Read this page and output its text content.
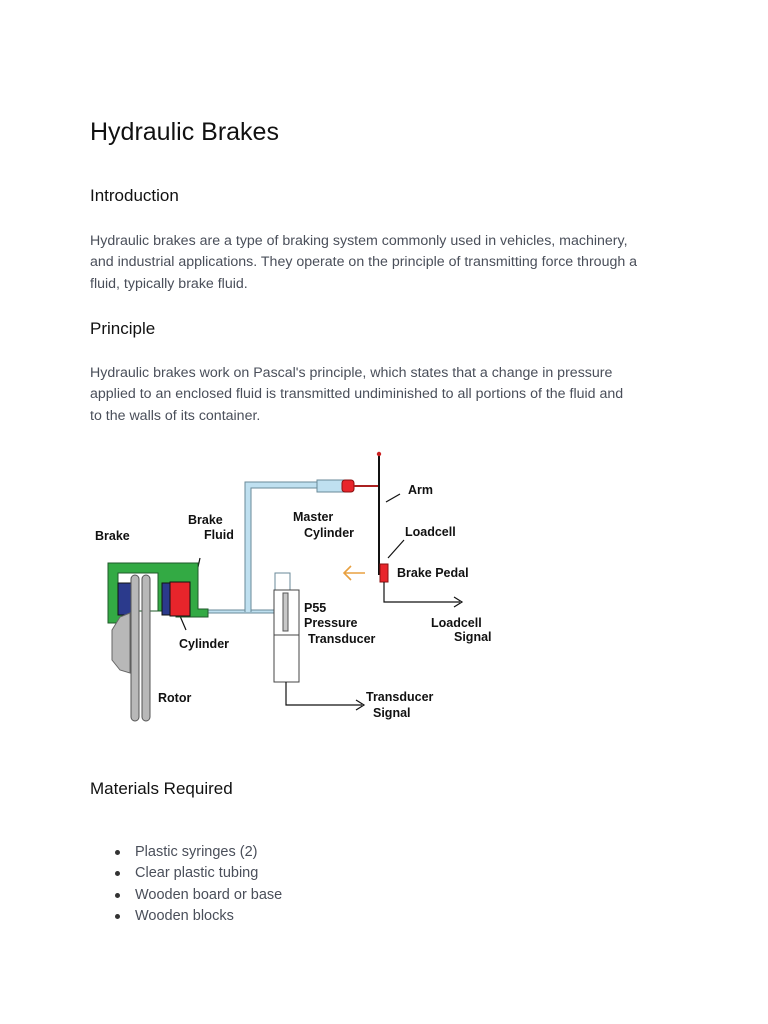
Hydraulic Brakes
Introduction

Hydraulic brakes are a type of braking system commonly used in vehicles, machinery,
and industrial applications. They operate on the principle of transmitting force through a
fluid, typically brake fluid.

Principle

Hydraulic brakes work on Pascal's principle, which states that a change in pressure
applied to an enclosed fluid is transmitted undiminished to all portions of the fluid and
to the walls of its container.

Brake
Brake
Fluid
Master
Cylinder
Arm
Loadcell
Brake Pedal
P55
Pressure
Transducer
Cylinder
Loadcell
Signal
Rotor	Transducer
Signal
Materials Required
Plastic syringes (2)
Clear plastic tubing
Wooden board or base
Wooden blocks
